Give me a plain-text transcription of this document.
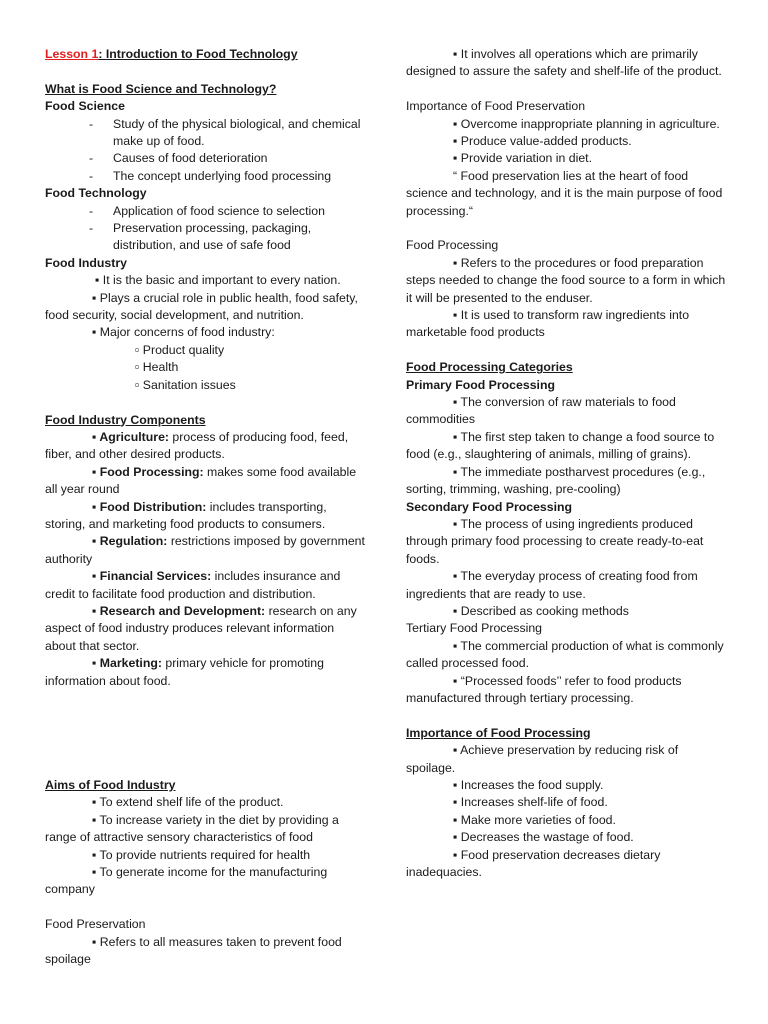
Lesson 1: Introduction to Food Technology

What is Food Science and Technology?

Food Science

-	Study of the physical biological, and chemical make up of food.
-	Causes of food deterioration
-	The concept underlying food processing

Food Technology

-	Application of food science to selection
-	Preservation processing, packaging, distribution, and use of safe food

Food Industry

▪ It is the basic and important to every nation.

▪ Plays a crucial role in public health, food safety, food security, social development, and nutrition.

▪ Major concerns of food industry:

▫ Product quality

▫ Health

▫ Sanitation issues

Food Industry Components

▪ Agriculture: process of producing food, feed, fiber, and other desired products.

▪ Food Processing: makes some food available all year round

▪ Food Distribution: includes transporting, storing, and marketing food products to consumers.

▪ Regulation: restrictions imposed by government authority

▪ Financial Services: includes insurance and credit to facilitate food production and distribution.

▪ Research and Development: research on any aspect of food industry produces relevant information about that sector.

▪ Marketing: primary vehicle for promoting information about food.

Aims of Food Industry

▪ To extend shelf life of the product.

▪ To increase variety in the diet by providing a range of attractive sensory characteristics of food

▪ To provide nutrients required for health

▪ To generate income for the manufacturing company

Food Preservation

▪ Refers to all measures taken to prevent food spoilage

▪ It involves all operations which are primarily designed to assure the safety and shelf-life of the product.

Importance of Food Preservation

▪ Overcome inappropriate planning in agriculture.

▪ Produce value-added products.

▪ Provide variation in diet.

“ Food preservation lies at the heart of food science and technology, and it is the main purpose of food processing.“

Food Processing

▪ Refers to the procedures or food preparation steps needed to change the food source to a form in which it will be presented to the enduser.

▪ It is used to transform raw ingredients into marketable food products

Food Processing Categories

Primary Food Processing

▪ The conversion of raw materials to food commodities

▪ The first step taken to change a food source to food (e.g., slaughtering of animals, milling of grains).

▪ The immediate postharvest procedures (e.g., sorting, trimming, washing, pre-cooling)

Secondary Food Processing

▪ The process of using ingredients produced through primary food processing to create ready-to-eat foods.

▪ The everyday process of creating food from ingredients that are ready to use.

▪ Described as cooking methods

Tertiary Food Processing

▪ The commercial production of what is commonly called processed food.

▪ “Processed foods’’ refer to food products manufactured through tertiary processing.

Importance of Food Processing

▪ Achieve preservation by reducing risk of spoilage.

▪ Increases the food supply.

▪ Increases shelf-life of food.

▪ Make more varieties of food.

▪ Decreases the wastage of food.

▪ Food preservation decreases dietary inadequacies.
